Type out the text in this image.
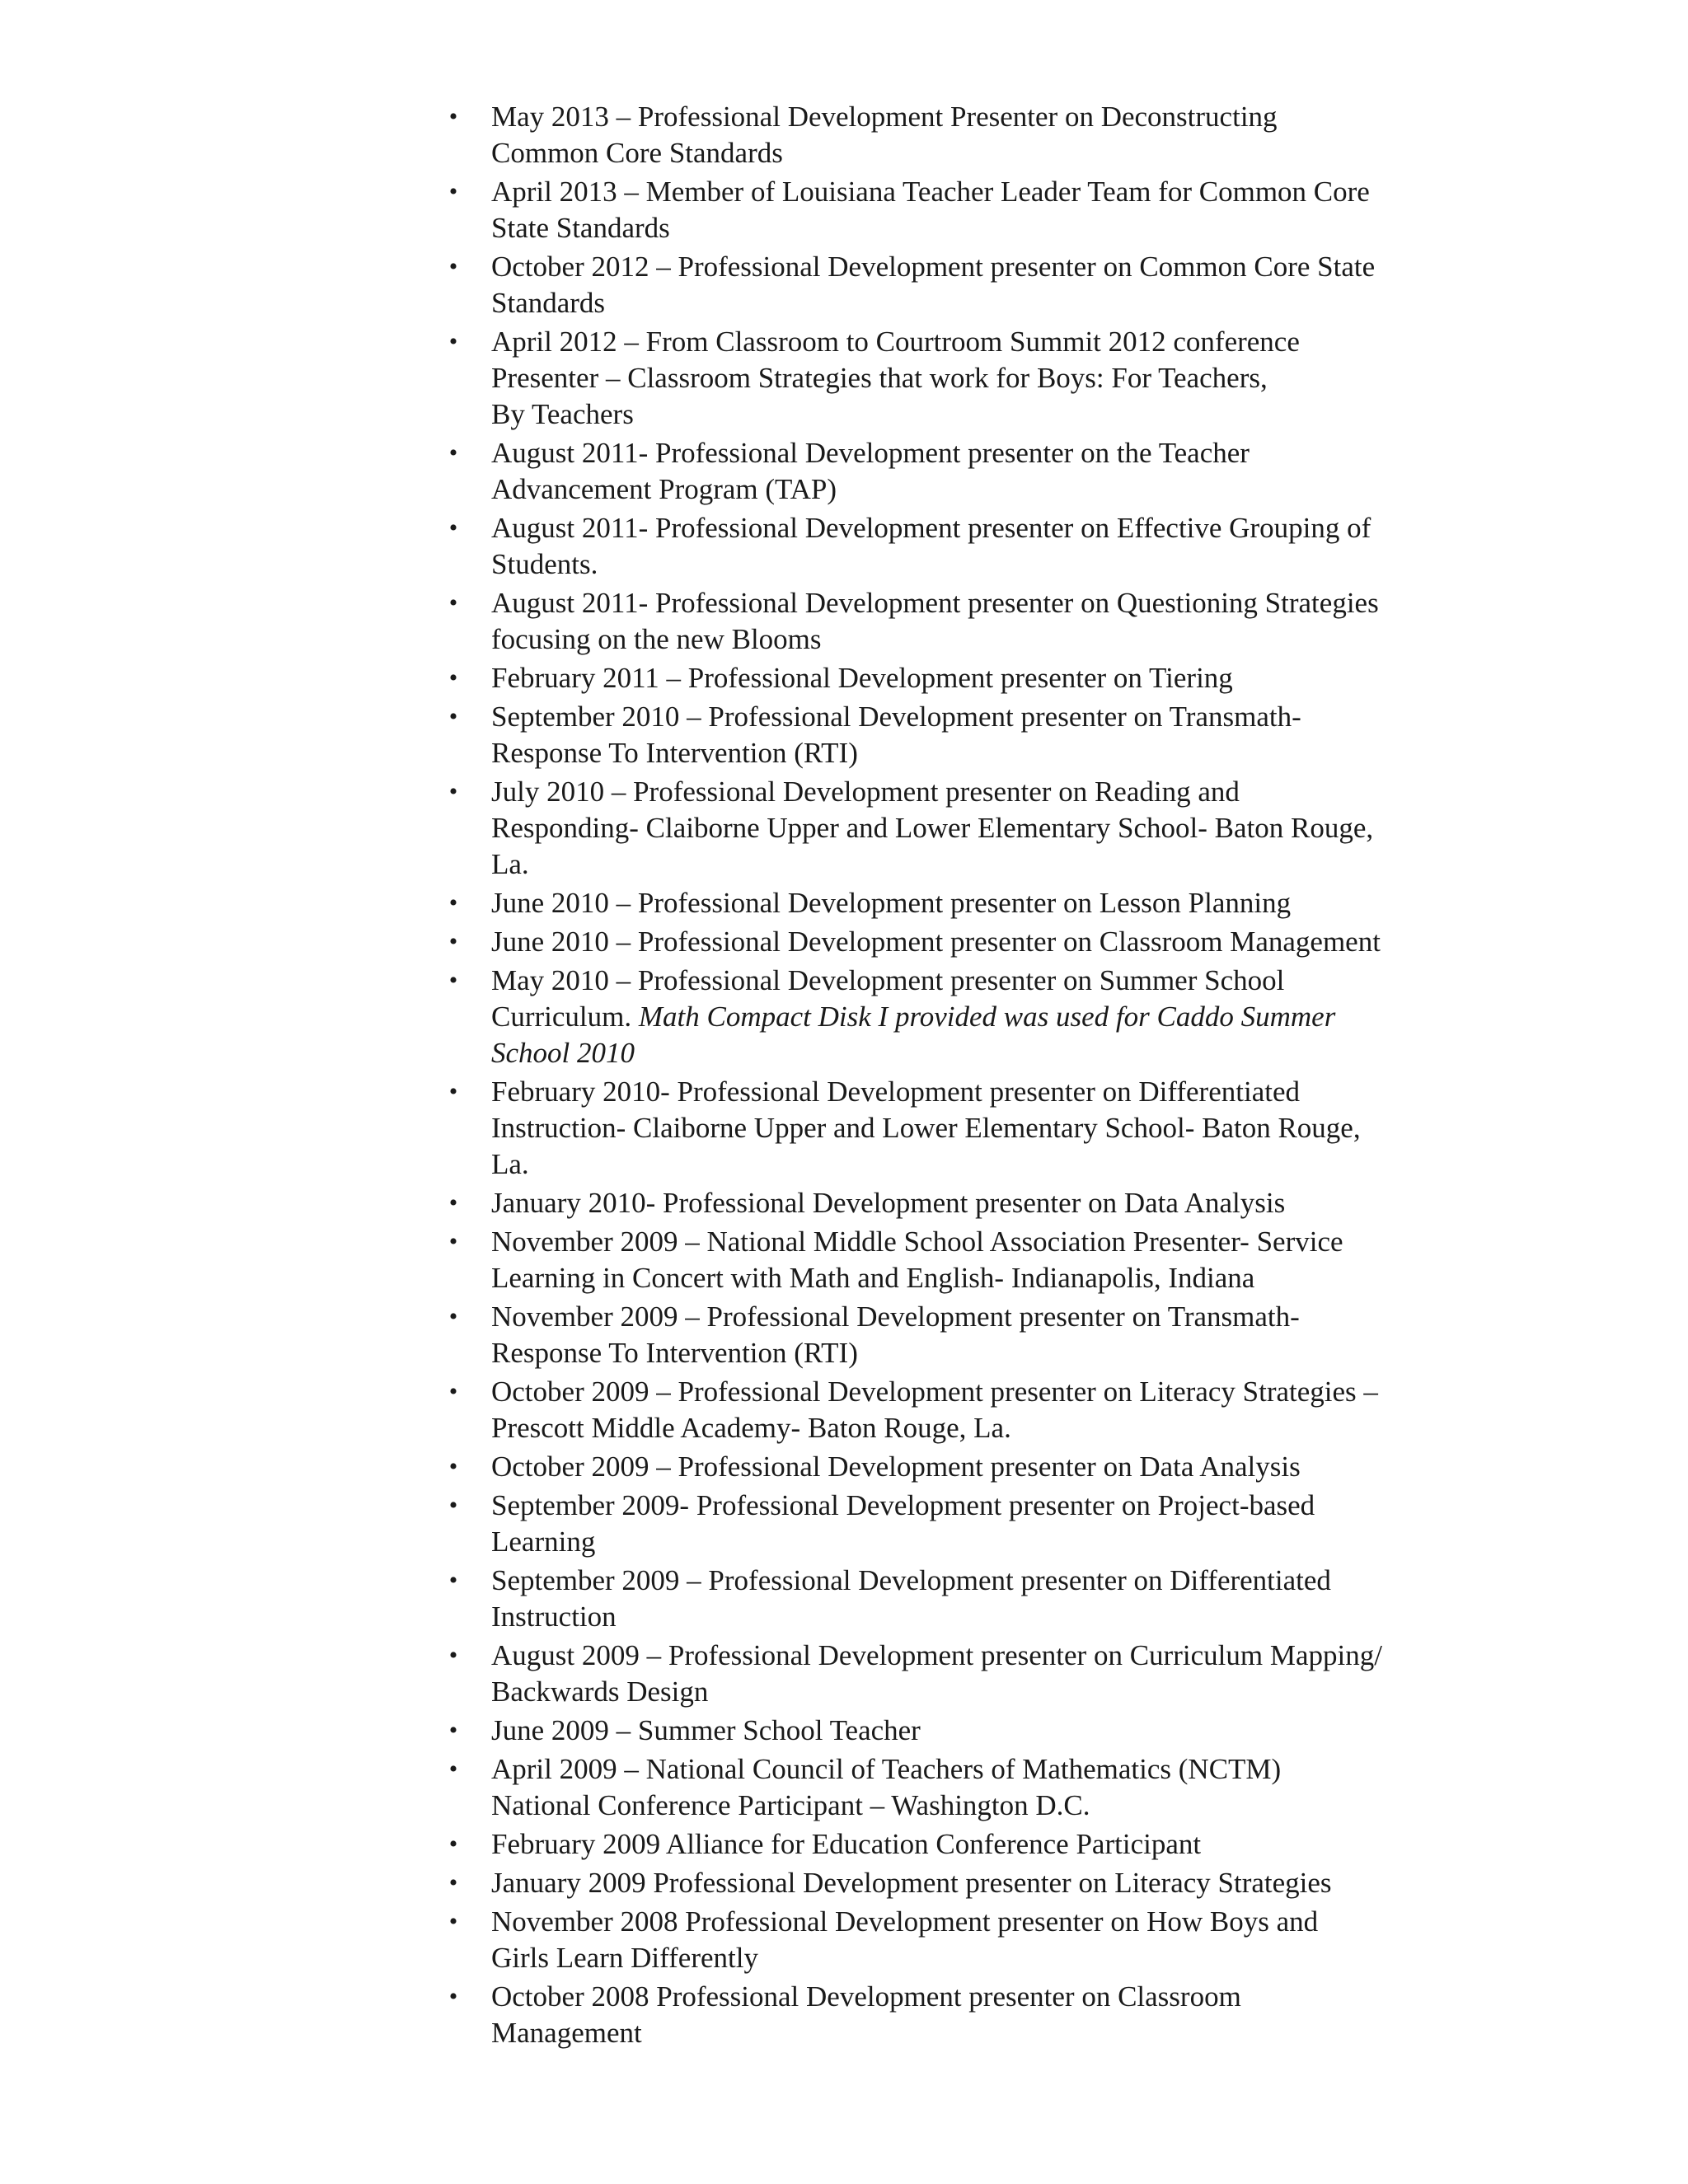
• May 2013 – Professional Development Presenter on Deconstructing
Common Core Standards
• April 2013 – Member of Louisiana Teacher Leader Team for Common Core
State Standards
• October 2012 – Professional Development presenter on Common Core State
Standards
• April 2012 – From Classroom to Courtroom Summit 2012 conference
Presenter – Classroom Strategies that work for Boys: For Teachers,
By Teachers
• August 2011- Professional Development presenter on the Teacher
Advancement Program (TAP)
• August 2011- Professional Development presenter on Effective Grouping of
Students.
• August 2011- Professional Development presenter on Questioning Strategies
focusing on the new Blooms
• February 2011 – Professional Development presenter on Tiering
• September 2010 – Professional Development presenter on Transmath-
Response To Intervention (RTI)
• July 2010 – Professional Development presenter on Reading and
Responding- Claiborne Upper and Lower Elementary School- Baton Rouge,
La.
• June 2010 – Professional Development presenter on Lesson Planning
• June 2010 – Professional Development presenter on Classroom Management
• May 2010 – Professional Development presenter on Summer School
Curriculum. Math Compact Disk I provided was used for Caddo Summer
School 2010
• February 2010- Professional Development presenter on Differentiated
Instruction- Claiborne Upper and Lower Elementary School- Baton Rouge,
La.
• January 2010- Professional Development presenter on Data Analysis
• November 2009 – National Middle School Association Presenter- Service
Learning in Concert with Math and English- Indianapolis, Indiana
• November 2009 – Professional Development presenter on Transmath-
Response To Intervention (RTI)
• October 2009 – Professional Development presenter on Literacy Strategies –
Prescott Middle Academy- Baton Rouge, La.
• October 2009 – Professional Development presenter on Data Analysis
• September 2009- Professional Development presenter on Project-based
Learning
• September 2009 – Professional Development presenter on Differentiated
Instruction
• August 2009 – Professional Development presenter on Curriculum Mapping/
Backwards Design
• June 2009 – Summer School Teacher
• April 2009 – National Council of Teachers of Mathematics (NCTM)
National Conference Participant – Washington D.C.
• February 2009 Alliance for Education Conference Participant
• January 2009 Professional Development presenter on Literacy Strategies
• November 2008 Professional Development presenter on How Boys and
Girls Learn Differently
• October 2008 Professional Development presenter on Classroom
Management
